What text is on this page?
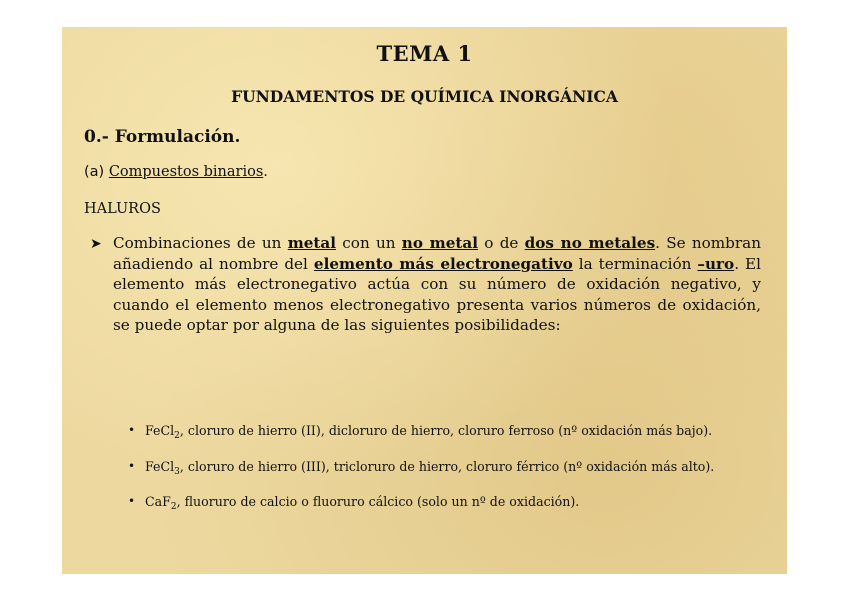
TEMA 1
FUNDAMENTOS DE QUÍMICA INORGÁNICA
0.- Formulación.
(a) Compuestos binarios.
HALUROS
➤ Combinaciones de un metal con un no metal o de dos no metales. Se nombran añadiendo al nombre del elemento más electronegativo la terminación –uro. El elemento más electronegativo actúa con su número de oxidación negativo, y cuando el elemento menos electronegativo presenta varios números de oxidación, se puede optar por alguna de las siguientes posibilidades:
• FeCl$_2$, cloruro de hierro (II), dicloruro de hierro, cloruro ferroso (nº oxidación más bajo).
• FeCl$_3$, cloruro de hierro (III), tricloruro de hierro, cloruro férrico (nº oxidación más alto).
• CaF$_2$, fluoruro de calcio o fluoruro cálcico (solo un nº de oxidación).
